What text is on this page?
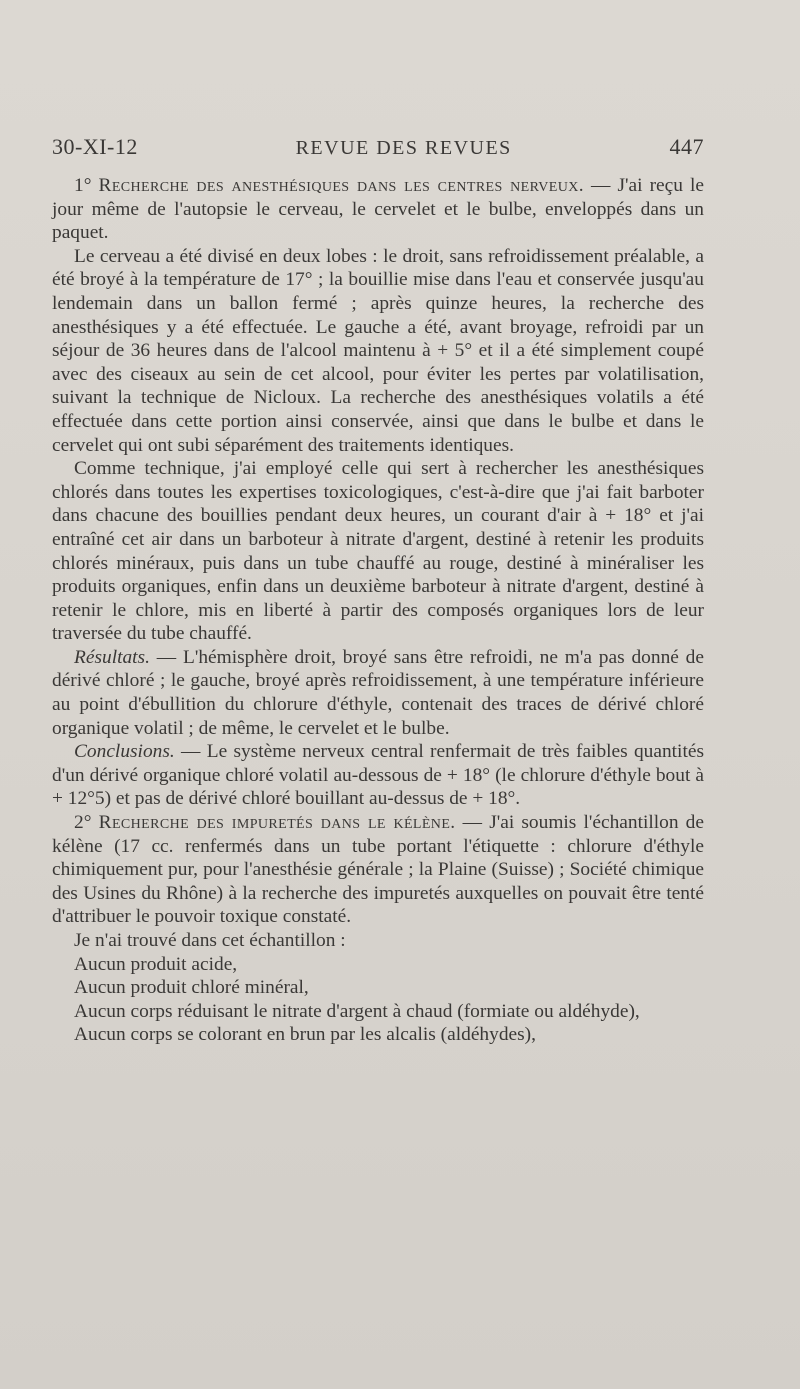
30-XI-12	REVUE DES REVUES	447

1° Recherche des anesthésiques dans les centres nerveux. — J'ai reçu le jour même de l'autopsie le cerveau, le cervelet et le bulbe, enveloppés dans un paquet.

Le cerveau a été divisé en deux lobes : le droit, sans refroidissement préalable, a été broyé à la température de 17° ; la bouillie mise dans l'eau et conservée jusqu'au lendemain dans un ballon fermé ; après quinze heures, la recherche des anesthésiques y a été effectuée. Le gauche a été, avant broyage, refroidi par un séjour de 36 heures dans de l'alcool maintenu à + 5° et il a été simplement coupé avec des ciseaux au sein de cet alcool, pour éviter les pertes par volatilisation, suivant la technique de Nicloux. La recherche des anesthésiques volatils a été effectuée dans cette portion ainsi conservée, ainsi que dans le bulbe et dans le cervelet qui ont subi séparément des traitements identiques.

Comme technique, j'ai employé celle qui sert à rechercher les anesthésiques chlorés dans toutes les expertises toxicologiques, c'est-à-dire que j'ai fait barboter dans chacune des bouillies pendant deux heures, un courant d'air à + 18° et j'ai entraîné cet air dans un barboteur à nitrate d'argent, destiné à retenir les produits chlorés minéraux, puis dans un tube chauffé au rouge, destiné à minéraliser les produits organiques, enfin dans un deuxième barboteur à nitrate d'argent, destiné à retenir le chlore, mis en liberté à partir des composés organiques lors de leur traversée du tube chauffé.

Résultats. — L'hémisphère droit, broyé sans être refroidi, ne m'a pas donné de dérivé chloré ; le gauche, broyé après refroidissement, à une température inférieure au point d'ébullition du chlorure d'éthyle, contenait des traces de dérivé chloré organique volatil ; de même, le cervelet et le bulbe.

Conclusions. — Le système nerveux central renfermait de très faibles quantités d'un dérivé organique chloré volatil au-dessous de + 18° (le chlorure d'éthyle bout à + 12°5) et pas de dérivé chloré bouillant au-dessus de + 18°.

2° Recherche des impuretés dans le kélène. — J'ai soumis l'échantillon de kélène (17 cc. renfermés dans un tube portant l'étiquette : chlorure d'éthyle chimiquement pur, pour l'anesthésie générale ; la Plaine (Suisse) ; Société chimique des Usines du Rhône) à la recherche des impuretés auxquelles on pouvait être tenté d'attribuer le pouvoir toxique constaté.

Je n'ai trouvé dans cet échantillon :

Aucun produit acide,

Aucun produit chloré minéral,

Aucun corps réduisant le nitrate d'argent à chaud (formiate ou aldéhyde),

Aucun corps se colorant en brun par les alcalis (aldéhydes),
